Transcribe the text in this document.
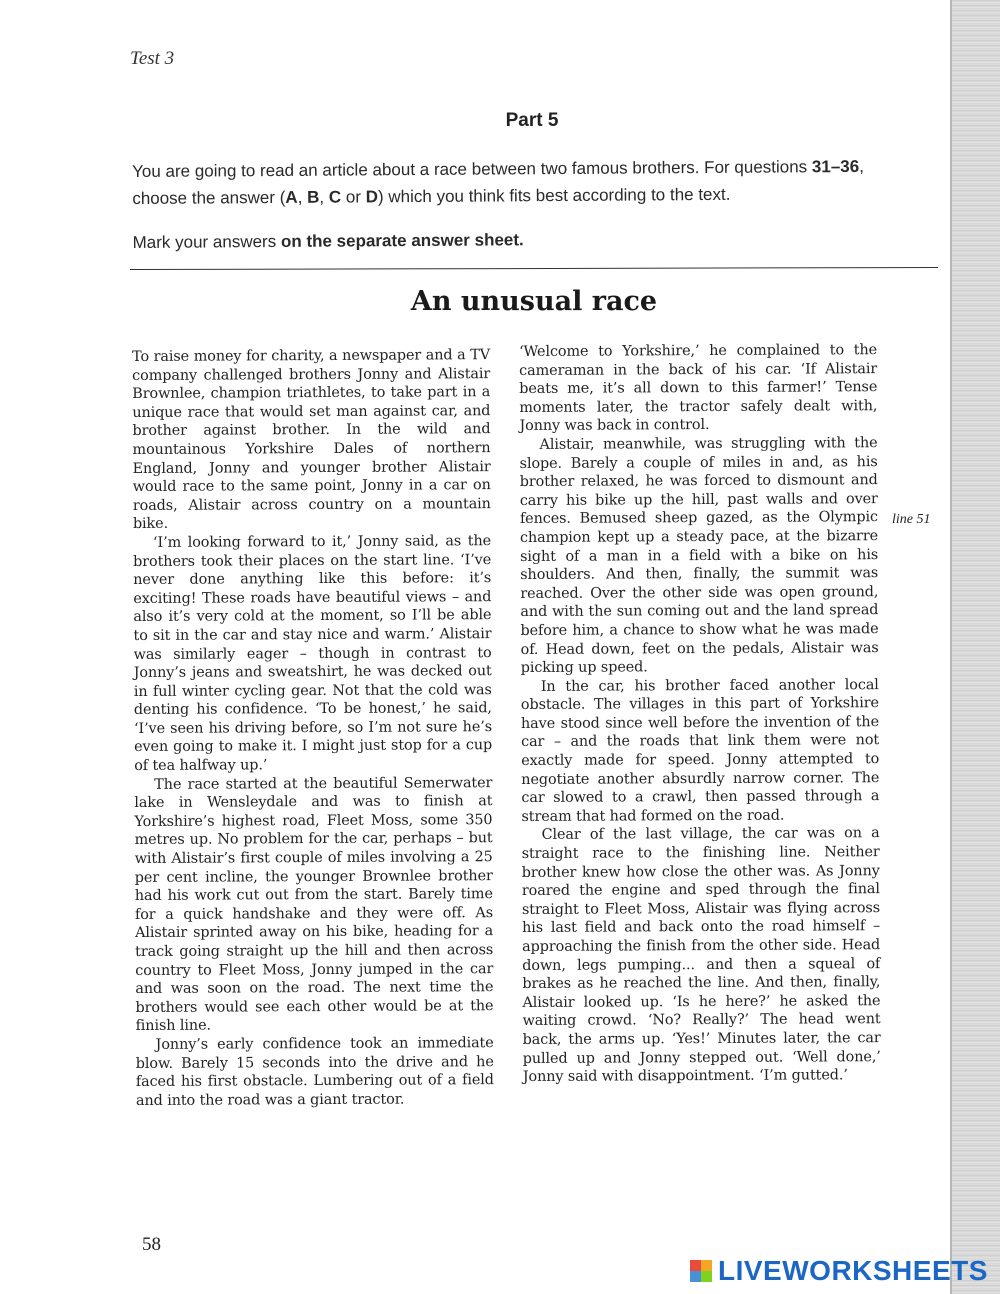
Test 3
Part 5

You are going to read an article about a race between two famous brothers. For questions 31–36,

choose the answer (A, B, C or D) which you think fits best according to the text.

Mark your answers on the separate answer sheet.

An unusual race

To raise money for charity, a newspaper and a TV company challenged brothers Jonny and Alistair Brownlee, champion triathletes, to take part in a unique race that would set man against car, and brother against brother. In the wild and mountainous Yorkshire Dales of northern England, Jonny and younger brother Alistair would race to the same point, Jonny in a car on roads, Alistair across country on a mountain bike.

‘I’m looking forward to it,’ Jonny said, as the brothers took their places on the start line. ‘I’ve never done anything like this before: it’s exciting! These roads have beautiful views – and also it’s very cold at the moment, so I’ll be able to sit in the car and stay nice and warm.’ Alistair was similarly eager – though in contrast to Jonny’s jeans and sweatshirt, he was decked out in full winter cycling gear. Not that the cold was denting his confidence. ‘To be honest,’ he said, ‘I’ve seen his driving before, so I’m not sure he’s even going to make it. I might just stop for a cup of tea halfway up.’

The race started at the beautiful Semerwater lake in Wensleydale and was to finish at Yorkshire’s highest road, Fleet Moss, some 350 metres up. No problem for the car, perhaps – but with Alistair’s first couple of miles involving a 25 per cent incline, the younger Brownlee brother had his work cut out from the start. Barely time for a quick handshake and they were off. As Alistair sprinted away on his bike, heading for a track going straight up the hill and then across country to Fleet Moss, Jonny jumped in the car and was soon on the road. The next time the brothers would see each other would be at the finish line.

Jonny’s early confidence took an immediate blow. Barely 15 seconds into the drive and he faced his first obstacle. Lumbering out of a field and into the road was a giant tractor.

‘Welcome to Yorkshire,’ he complained to the cameraman in the back of his car. ‘If Alistair beats me, it’s all down to this farmer!’ Tense moments later, the tractor safely dealt with, Jonny was back in control.

Alistair, meanwhile, was struggling with the slope. Barely a couple of miles in and, as his brother relaxed, he was forced to dismount and carry his bike up the hill, past walls and over fences. Bemused sheep gazed, as the Olympic champion kept up a steady pace, at the bizarre sight of a man in a field with a bike on his shoulders. And then, finally, the summit was reached. Over the other side was open ground, and with the sun coming out and the land spread before him, a chance to show what he was made of. Head down, feet on the pedals, Alistair was picking up speed.

In the car, his brother faced another local obstacle. The villages in this part of Yorkshire have stood since well before the invention of the car – and the roads that link them were not exactly made for speed. Jonny attempted to negotiate another absurdly narrow corner. The car slowed to a crawl, then passed through a stream that had formed on the road.

Clear of the last village, the car was on a straight race to the finishing line. Neither brother knew how close the other was. As Jonny roared the engine and sped through the final straight to Fleet Moss, Alistair was flying across his last field and back onto the road himself – approaching the finish from the other side. Head down, legs pumping... and then a squeal of brakes as he reached the line. And then, finally, Alistair looked up. ‘Is he here?’ he asked the waiting crowd. ‘No? Really?’ The head went back, the arms up. ‘Yes!’ Minutes later, the car pulled up and Jonny stepped out. ‘Well done,’ Jonny said with disappointment. ‘I’m gutted.’

line 51
58
LIVEWORKSHEETS
